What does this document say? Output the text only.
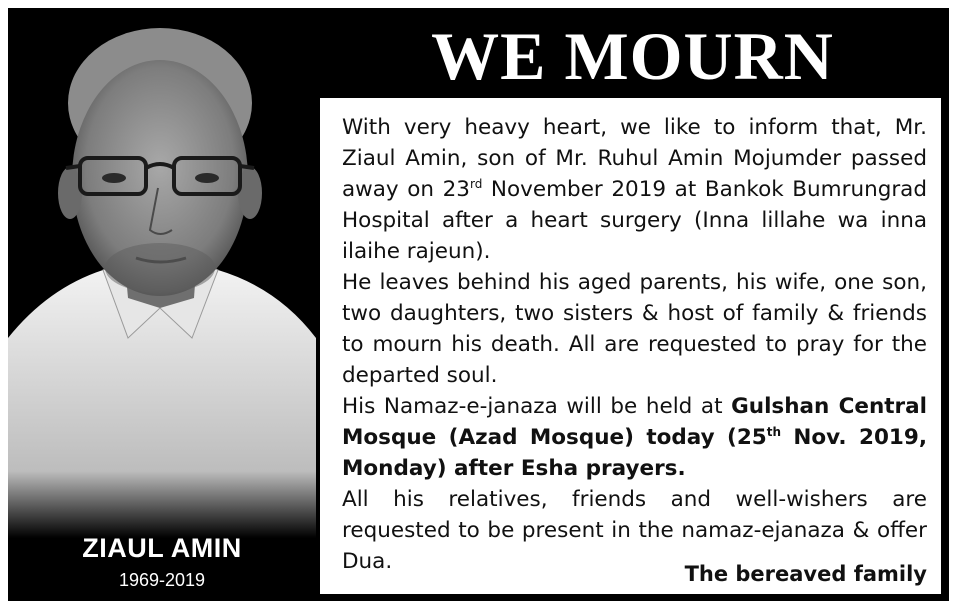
ZIAUL AMIN
1969-2019
WE MOURN
With very heavy heart, we like to inform that, Mr. Ziaul Amin, son of Mr. Ruhul Amin Mojumder passed away on 23rd November 2019 at Bankok Bumrungrad Hospital after a heart surgery (Inna lillahe wa inna ilaihe rajeun).
He leaves behind his aged parents, his wife, one son, two daughters, two sisters & host of family & friends to mourn his death. All are requested to pray for the departed soul.
His Namaz-e-janaza will be held at Gulshan Central Mosque (Azad Mosque) today (25th Nov. 2019, Monday) after Esha prayers.
All his relatives, friends and well-wishers are requested to be present in the namaz-ejanaza & offer Dua.	The bereaved family
